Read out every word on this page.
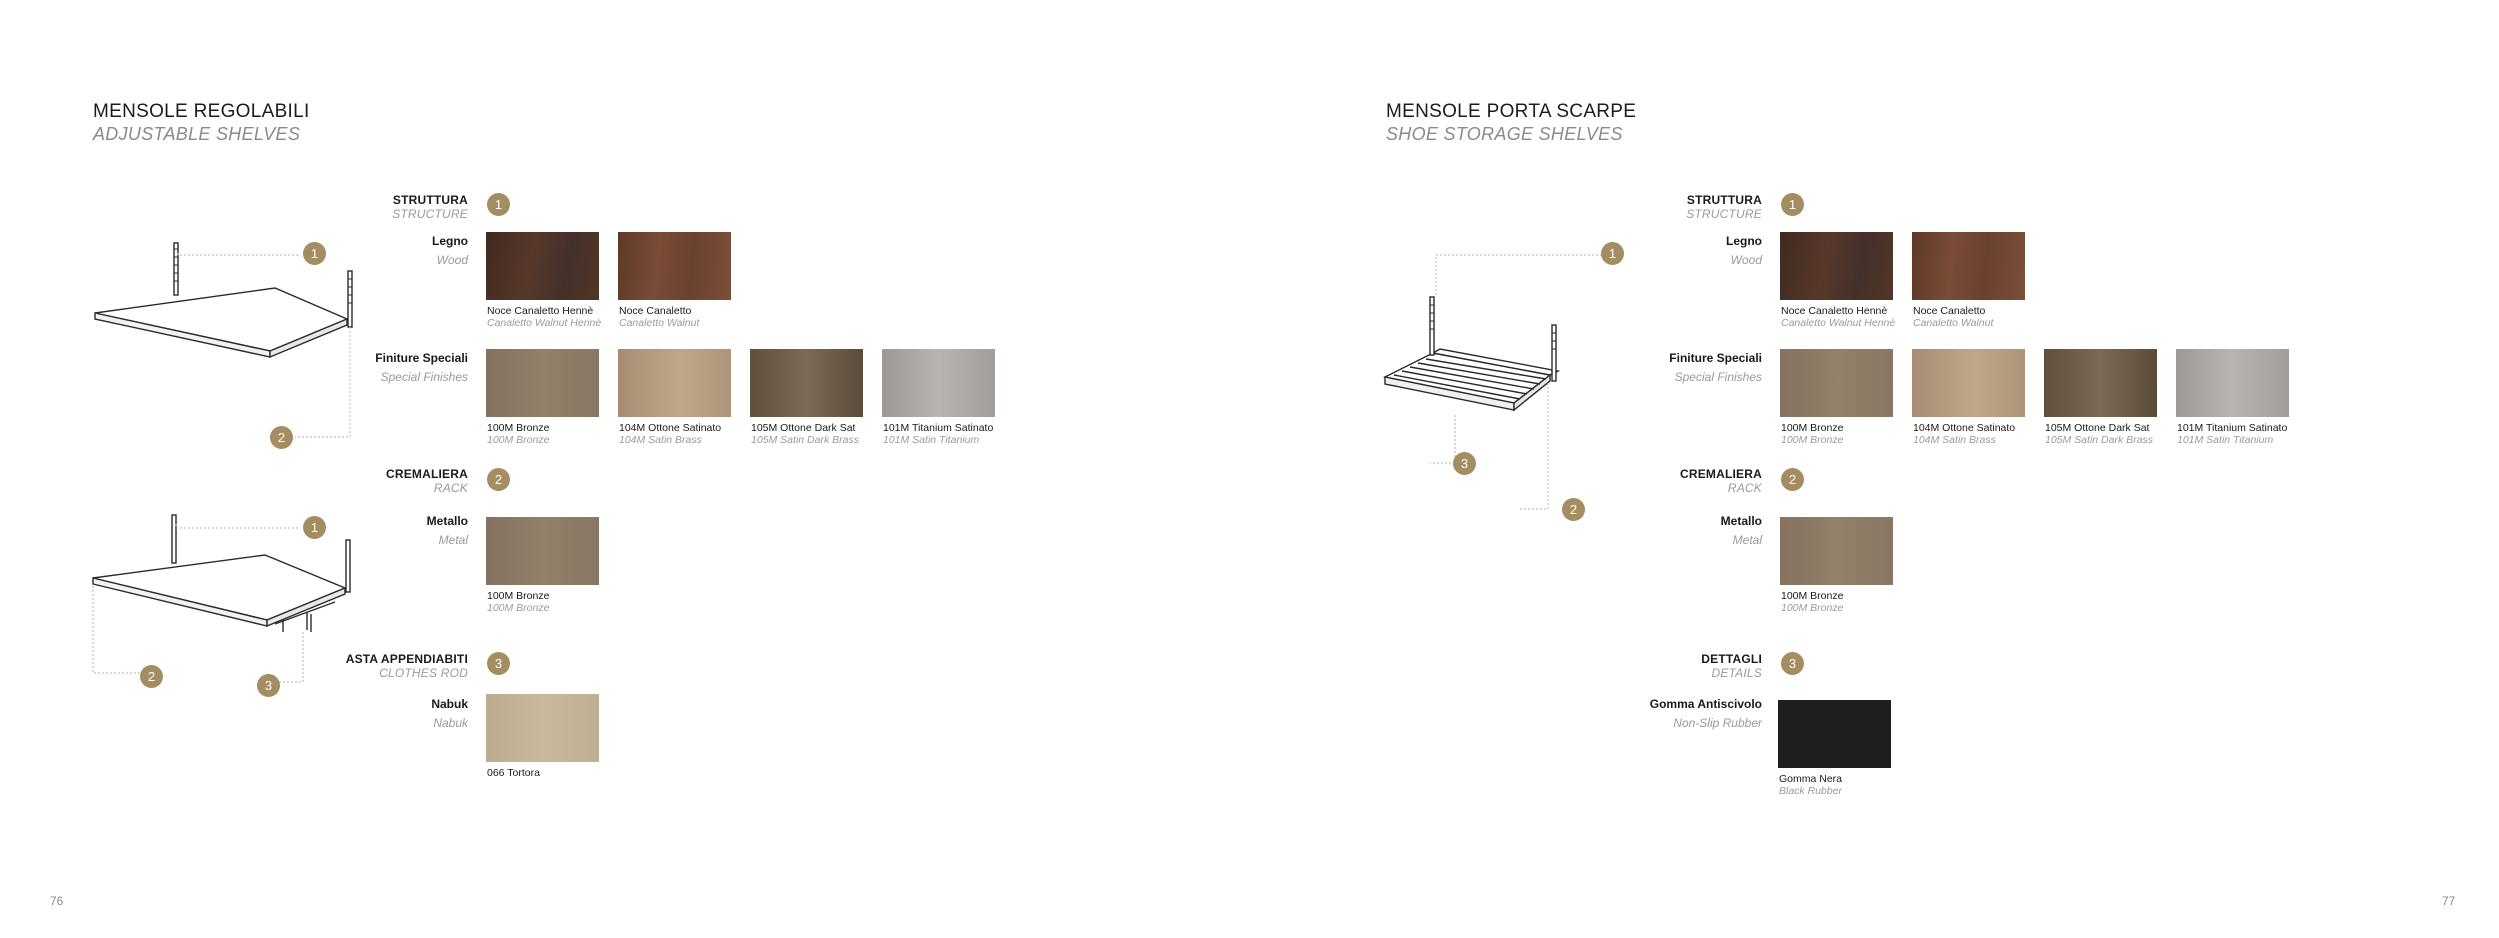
MENSOLE REGOLABILI
ADJUSTABLE SHELVES
1
2
1
2
3
STRUTTURA
STRUCTURE
1
Legno
Wood
Noce Canaletto Hennè
Canaletto Walnut Hennè
Noce Canaletto
Canaletto Walnut
Finiture Speciali
Special Finishes
100M Bronze
100M Bronze
104M Ottone Satinato
104M Satin Brass
105M Ottone Dark Sat
105M Satin Dark Brass
101M Titanium Satinato
101M Satin Titanium
CREMALIERA
RACK
2
Metallo
Metal
100M Bronze
100M Bronze
ASTA APPENDIABITI
CLOTHES ROD
3
Nabuk
Nabuk
066 Tortora
76
MENSOLE PORTA SCARPE
SHOE STORAGE SHELVES
1
2
3
STRUTTURA
STRUCTURE
1
Legno
Wood
Noce Canaletto Hennè
Canaletto Walnut Hennè
Noce Canaletto
Canaletto Walnut
Finiture Speciali
Special Finishes
100M Bronze
100M Bronze
104M Ottone Satinato
104M Satin Brass
105M Ottone Dark Sat
105M Satin Dark Brass
101M Titanium Satinato
101M Satin Titanium
CREMALIERA
RACK
2
Metallo
Metal
100M Bronze
100M Bronze
DETTAGLI
DETAILS
3
Gomma Antiscivolo
Non-Slip Rubber
Gomma Nera
Black Rubber
77
